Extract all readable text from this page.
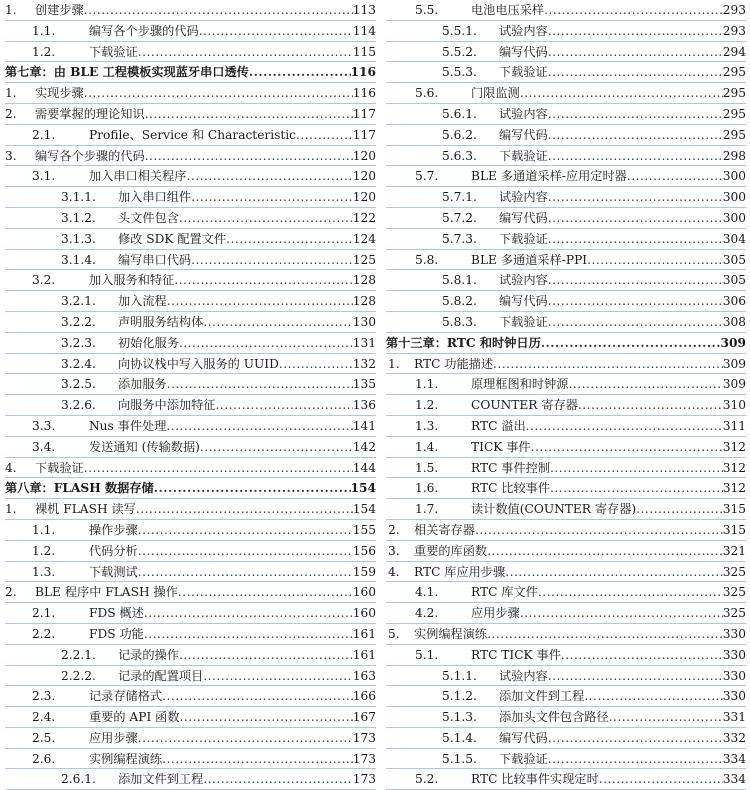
1. 创建步骤 .....	113
1.1.	编写各个步骤的代码 .....	114
1.2.	下载验证 .....	115
第七章：由 BLE 工程模板实现蓝牙串口透传 .....	116
1. 实现步骤 .....	116
2. 需要掌握的理论知识 .....	117
2.1.	Profile、Service 和 Characteristic .....	117
3. 编写各个步骤的代码 .....	120
3.1.	加入串口相关程序 .....	120
3.1.1. 加入串口组件 .....	120
3.1.2. 头文件包含 .....	122
3.1.3. 修改 SDK 配置文件 .....	124
3.1.4. 编写串口代码 .....	125
3.2.	加入服务和特征 .....	128
3.2.1. 加入流程 .....	128
3.2.2. 声明服务结构体 .....	130
3.2.3. 初始化服务 .....	131
3.2.4. 向协议栈中写入服务的 UUID .....	132
3.2.5. 添加服务 .....	135
3.2.6. 向服务中添加特征 .....	136
3.3.	Nus 事件处理 .....	141
3.4.	发送通知 (传输数据) .....	142
4. 下载验证 .....	144
第八章：FLASH 数据存储 .....	154
1. 裸机 FLASH 读写 .....	154
1.1.	操作步骤 .....	155
1.2.	代码分析 .....	156
1.3.	下载测试 .....	159
2. BLE 程序中 FLASH 操作 .....	160
2.1.	FDS 概述 .....	160
2.2.	FDS 功能 .....	161
2.2.1. 记录的操作 .....	161
2.2.2. 记录的配置项目 .....	163
2.3.	记录存储格式 .....	166
2.4.	重要的 API 函数 .....	167
2.5.	应用步骤 .....	173
2.6.	实例编程演练 .....	173
2.6.1. 添加文件到工程 .....	173
5.5.	电池电压采样 .....	293
5.5.1. 试验内容 .....	293
5.5.2. 编写代码 .....	294
5.5.3. 下载验证 .....	295
5.6.	门限监测 .....	295
5.6.1. 试验内容 .....	295
5.6.2. 编写代码 .....	295
5.6.3. 下载验证 .....	298
5.7.	BLE 多通道采样-应用定时器 .....	300
5.7.1. 试验内容 .....	300
5.7.2. 编写代码 .....	300
5.7.3. 下载验证 .....	304
5.8.	BLE 多通道采样-PPI .....	305
5.8.1. 试验内容 .....	305
5.8.2. 编写代码 .....	306
5.8.3. 下载验证 .....	308
第十三章：RTC 和时钟日历 .....	309
1. RTC 功能描述 .....	309
1.1.	原理框图和时钟源 .....	309
1.2.	COUNTER 寄存器 .....	310
1.3.	RTC 溢出 .....	311
1.4.	TICK 事件 .....	312
1.5.	RTC 事件控制 .....	312
1.6.	RTC 比较事件 .....	312
1.7.	读计数值(COUNTER 寄存器) .....	315
2. 相关寄存器 .....	315
3. 重要的库函数 .....	321
4. RTC 库应用步骤 .....	325
4.1.	RTC 库文件 .....	325
4.2.	应用步骤 .....	325
5. 实例编程演练 .....	330
5.1.	RTC TICK 事件 .....	330
5.1.1. 试验内容 .....	330
5.1.2. 添加文件到工程 .....	330
5.1.3. 添加头文件包含路径 .....	331
5.1.4. 编写代码 .....	332
5.1.5. 下载验证 .....	334
5.2.	RTC 比较事件实现定时 .....	334
